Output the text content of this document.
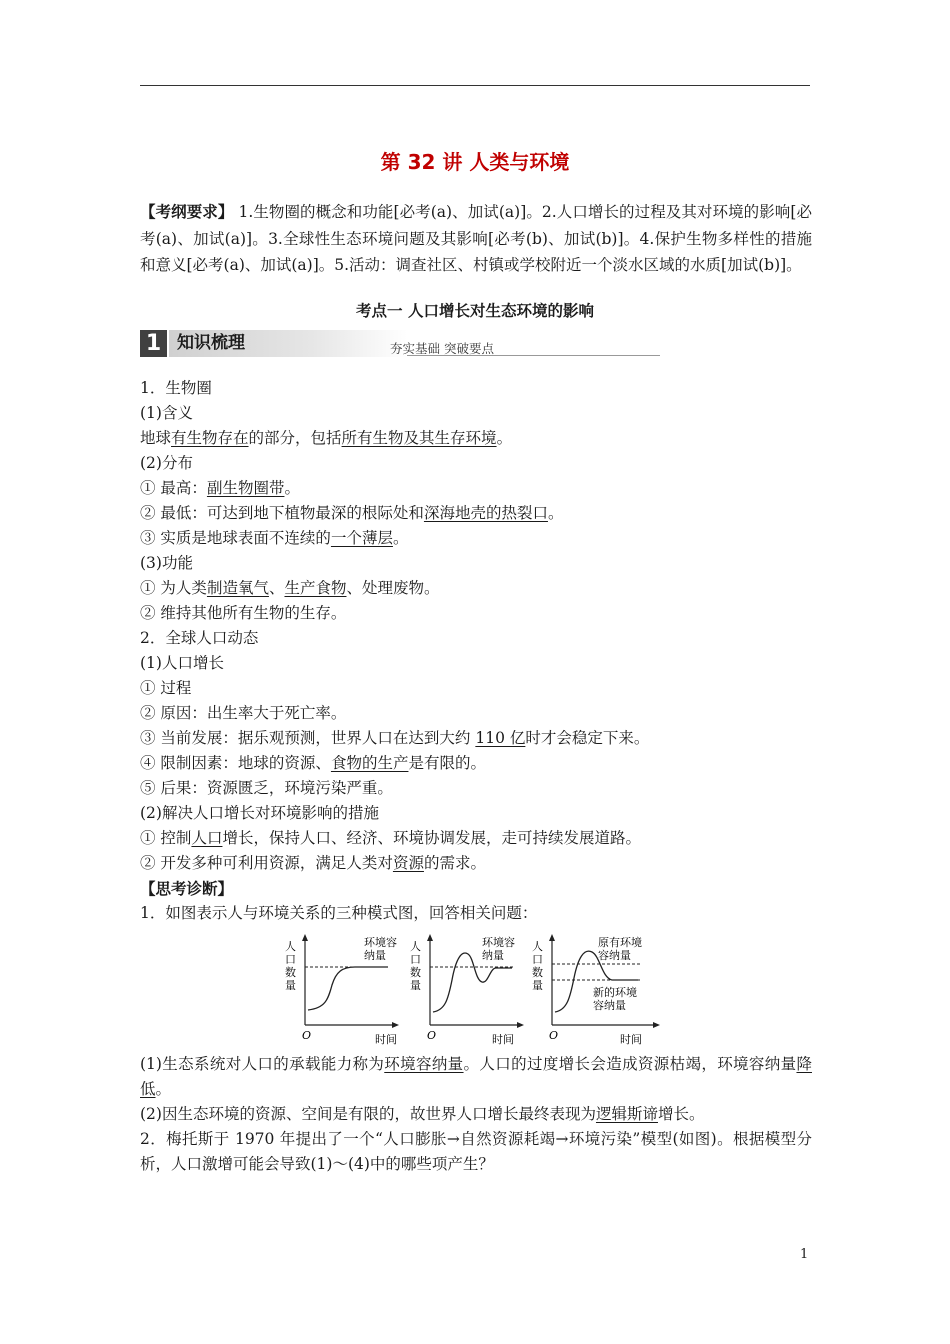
第 32 讲 人类与环境
【考纲要求】 1.生物圈的概念和功能[必考(a)、加试(a)]。2.人口增长的过程及其对环境的影响[必考(a)、加试(a)]。3.全球性生态环境问题及其影响[必考(b)、加试(b)]。4.保护生物多样性的措施和意义[必考(a)、加试(a)]。5.活动：调查社区、村镇或学校附近一个淡水区域的水质[加试(b)]。
考点一 人口增长对生态环境的影响
1 知识梳理	夯实基础 突破要点
1．生物圈
(1)含义
地球有生物存在的部分，包括所有生物及其生存环境。
(2)分布
① 最高：副生物圈带。
② 最低：可达到地下植物最深的根际处和深海地壳的热裂口。
③ 实质是地球表面不连续的一个薄层。
(3)功能
① 为人类制造氧气、生产食物、处理废物。
② 维持其他所有生物的生存。
2．全球人口动态
(1)人口增长
① 过程
② 原因：出生率大于死亡率。
③ 当前发展：据乐观预测，世界人口在达到大约 110 亿时才会稳定下来。
④ 限制因素：地球的资源、食物的生产是有限的。
⑤ 后果：资源匮乏，环境污染严重。
(2)解决人口增长对环境影响的措施
① 控制人口增长，保持人口、经济、环境协调发展，走可持续发展道路。
② 开发多种可利用资源，满足人类对资源的需求。
【思考诊断】
1．如图表示人与环境关系的三种模式图，回答相关问题：
人
口
数
量
环境容
纳量
O	时间
人
口
数
量
环境容
纳量
O	时间
人
口
数
量
原有环境
容纳量
新的环境
容纳量
O	时间
(1)生态系统对人口的承载能力称为环境容纳量。人口的过度增长会造成资源枯竭，环境容纳量降低。
(2)因生态环境的资源、空间是有限的，故世界人口增长最终表现为逻辑斯谛增长。
2．梅托斯于 1970 年提出了一个“人口膨胀→自然资源耗竭→环境污染”模型(如图)。根据模型分析，人口激增可能会导致(1)～(4)中的哪些项产生？
1
